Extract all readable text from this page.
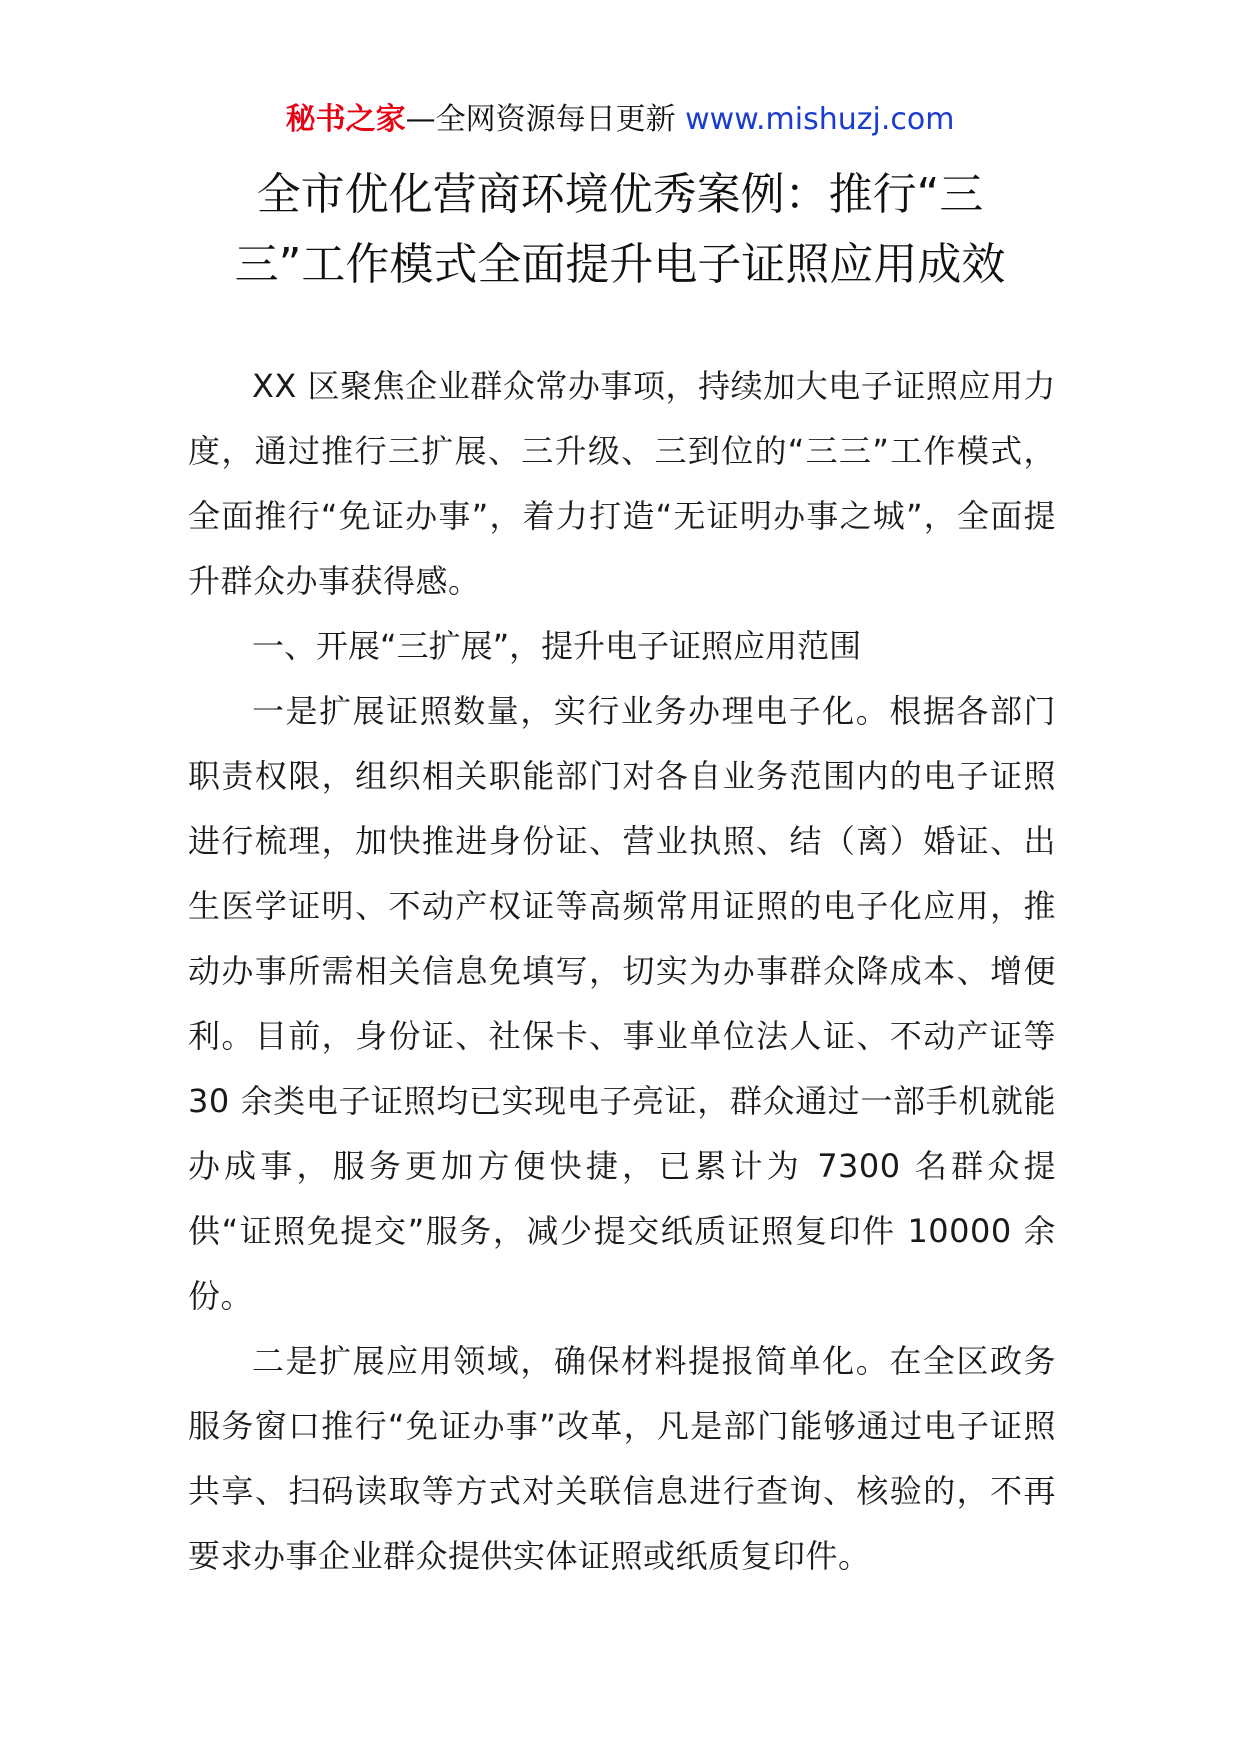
秘书之家—全网资源每日更新 www.mishuzj.com
全市优化营商环境优秀案例：推行“三
三”工作模式全面提升电子证照应用成效

XX 区聚焦企业群众常办事项，持续加大电子证照应用力度，通过推行三扩展、三升级、三到位的“三三”工作模式，全面推行“免证办事”，着力打造“无证明办事之城”，全面提升群众办事获得感。

一、开展“三扩展”，提升电子证照应用范围

一是扩展证照数量，实行业务办理电子化。根据各部门职责权限，组织相关职能部门对各自业务范围内的电子证照进行梳理，加快推进身份证、营业执照、结（离）婚证、出生医学证明、不动产权证等高频常用证照的电子化应用，推动办事所需相关信息免填写，切实为办事群众降成本、增便利。目前，身份证、社保卡、事业单位法人证、不动产证等 30 余类电子证照均已实现电子亮证，群众通过一部手机就能办成事，服务更加方便快捷，已累计为 7300 名群众提供“证照免提交”服务，减少提交纸质证照复印件 10000 余份。

二是扩展应用领域，确保材料提报简单化。在全区政务服务窗口推行“免证办事”改革，凡是部门能够通过电子证照共享、扫码读取等方式对关联信息进行查询、核验的，不再要求办事企业群众提供实体证照或纸质复印件。
